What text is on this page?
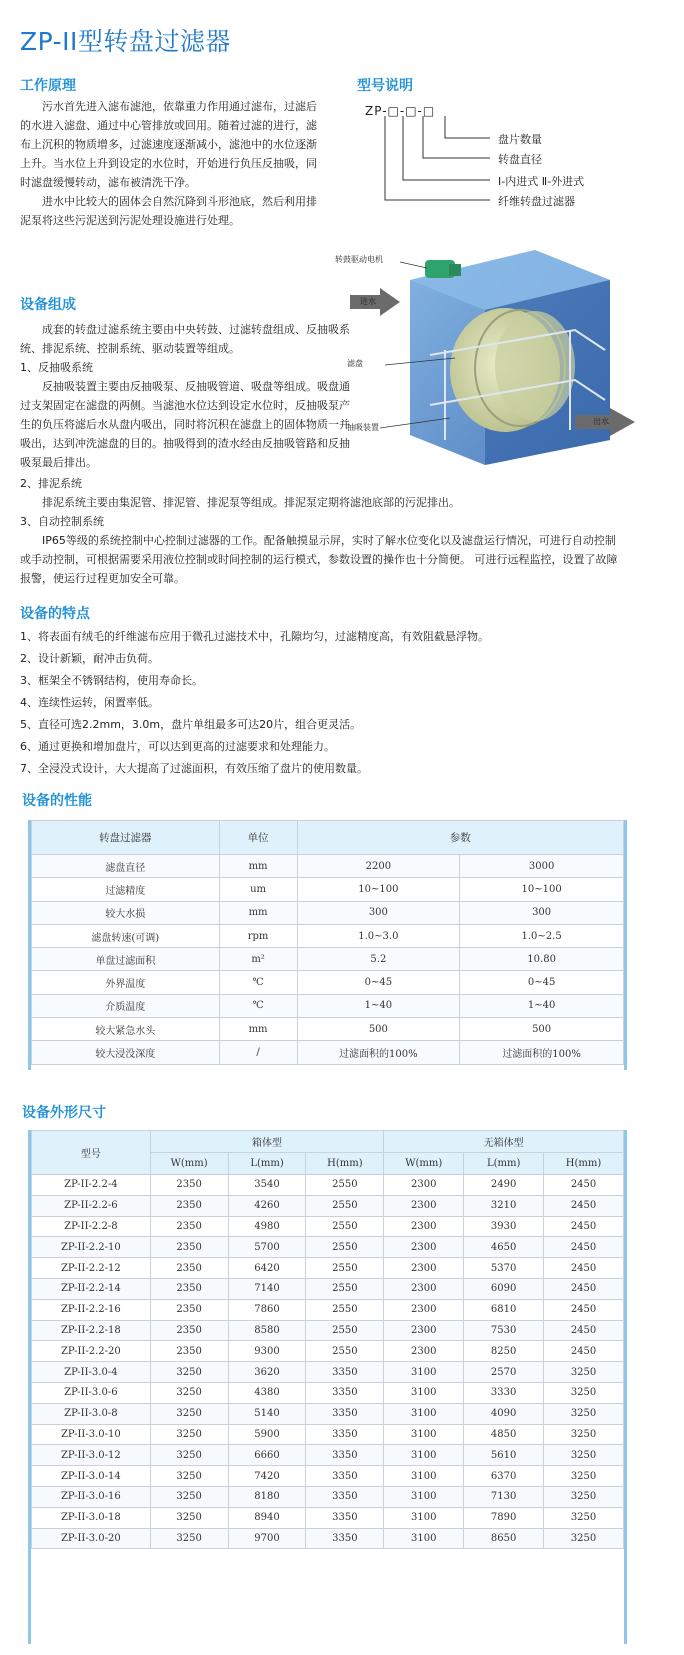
ZP-II型转盘过滤器
工作原理

污水首先进入滤布滤池，依靠重力作用通过滤布，过滤后的水进入滤盘、通过中心管排放或回用。随着过滤的进行，滤布上沉积的物质增多，过滤速度逐渐减小，滤池中的水位逐渐上升。当水位上升到设定的水位时，开始进行负压反抽吸，同时滤盘缓慢转动，滤布被清洗干净。

进水中比较大的固体会自然沉降到斗形池底，然后利用排泥泵将这些污泥送到污泥处理设施进行处理。

型号说明
ZP-□-□-□
盘片数量
转盘直径
Ⅰ-内进式 Ⅱ-外进式
纤维转盘过滤器
转鼓驱动电机
进水
滤盘
抽吸装置
出水
设备组成

成套的转盘过滤系统主要由中央转鼓、过滤转盘组成、反抽吸系统、排泥系统、控制系统、驱动装置等组成。

1、反抽吸系统

反抽吸装置主要由反抽吸泵、反抽吸管道、吸盘等组成。吸盘通过支架固定在滤盘的两侧。当滤池水位达到设定水位时，反抽吸泵产生的负压将滤后水从盘内吸出，同时将沉积在滤盘上的固体物质一并吸出，达到冲洗滤盘的目的。抽吸得到的渣水经由反抽吸管路和反抽吸泵最后排出。

2、排泥系统

排泥系统主要由集泥管、排泥管、排泥泵等组成。排泥泵定期将滤池底部的污泥排出。

3、自动控制系统

IP65等级的系统控制中心控制过滤器的工作。配备触摸显示屏，实时了解水位变化以及滤盘运行情况，可进行自动控制或手动控制，可根据需要采用液位控制或时间控制的运行模式，参数设置的操作也十分简便。 可进行远程监控，设置了故障报警，使运行过程更加安全可靠。

设备的特点
1、将表面有绒毛的纤维滤布应用于微孔过滤技术中，孔隙均匀，过滤精度高，有效阻截悬浮物。
2、设计新颖，耐冲击负荷。
3、框架全不锈钢结构，使用寿命长。
4、连续性运转，闲置率低。
5、直径可选2.2mm，3.0m，盘片单组最多可达20片，组合更灵活。
6、通过更换和增加盘片，可以达到更高的过滤要求和处理能力。
7、全浸没式设计，大大提高了过滤面积，有效压缩了盘片的使用数量。
设备的性能
转盘过滤器	单位	参数	
滤盘直径	mm	2200	3000
过滤精度	um	10~100	10~100
较大水损	mm	300	300
滤盘转速(可调)	rpm	1.0~3.0	1.0~2.5
单盘过滤面积	m²	5.2	10.80
外界温度	℃	0~45	0~45
介质温度	℃	1~40	1~40
较大紧急水头	mm	500	500
较大浸没深度	/	过滤面积的100%	过滤面积的100%
设备外形尺寸
型号	箱体型			无箱体型		
	W(mm)	L(mm)	H(mm)	W(mm)	L(mm)	H(mm)
ZP-II-2.2-4	2350	3540	2550	2300	2490	2450
ZP-II-2.2-6	2350	4260	2550	2300	3210	2450
ZP-II-2.2-8	2350	4980	2550	2300	3930	2450
ZP-II-2.2-10	2350	5700	2550	2300	4650	2450
ZP-II-2.2-12	2350	6420	2550	2300	5370	2450
ZP-II-2.2-14	2350	7140	2550	2300	6090	2450
ZP-II-2.2-16	2350	7860	2550	2300	6810	2450
ZP-II-2.2-18	2350	8580	2550	2300	7530	2450
ZP-II-2.2-20	2350	9300	2550	2300	8250	2450
ZP-II-3.0-4	3250	3620	3350	3100	2570	3250
ZP-II-3.0-6	3250	4380	3350	3100	3330	3250
ZP-II-3.0-8	3250	5140	3350	3100	4090	3250
ZP-II-3.0-10	3250	5900	3350	3100	4850	3250
ZP-II-3.0-12	3250	6660	3350	3100	5610	3250
ZP-II-3.0-14	3250	7420	3350	3100	6370	3250
ZP-II-3.0-16	3250	8180	3350	3100	7130	3250
ZP-II-3.0-18	3250	8940	3350	3100	7890	3250
ZP-II-3.0-20	3250	9700	3350	3100	8650	3250
